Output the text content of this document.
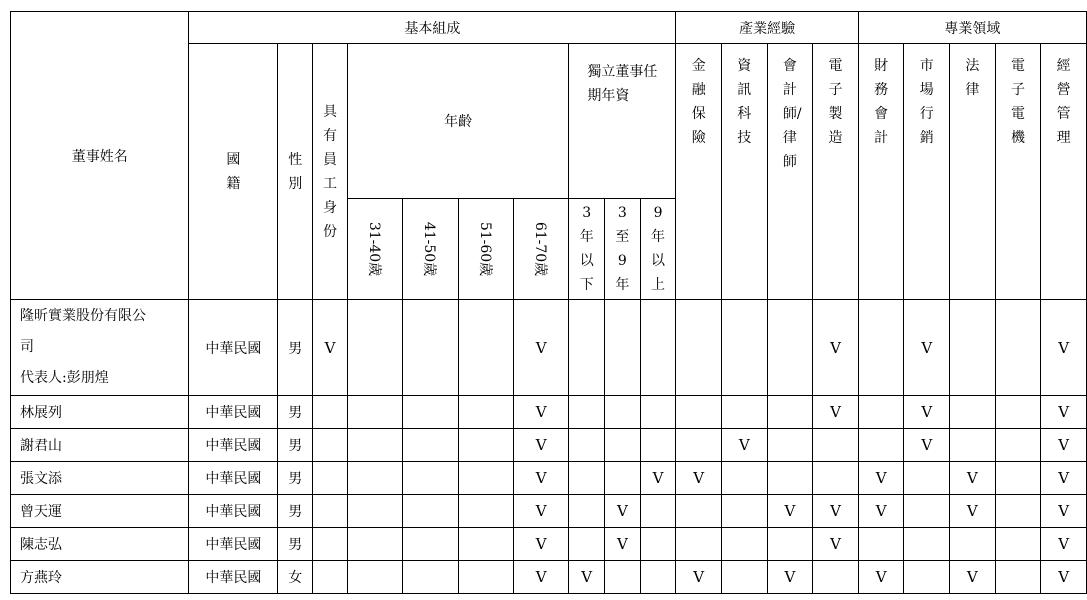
董事姓名	基本組成										產業經驗				專業領域				
	國籍	性別	具有員工身份	年齡				獨立董事任期年資			金融保險	資訊科技	會計師/律師	電子製造	財務會計	市場行銷	法律	電子電機	經營管理
				31-40歲	41-50歲	51-60歲	61-70歲	3年以下	3至9年	9年以上									

隆昕實業股份有限公
司
代表人:彭朋煌	中華民國	男	V				V							V		V			V

林展列	中華民國	男					V							V		V			V

謝君山	中華民國	男					V					V				V			V

張文添	中華民國	男					V			V	V				V		V		V

曾天運	中華民國	男					V		V				V	V	V		V		V

陳志弘	中華民國	男					V		V					V					V

方燕玲	中華民國	女					V	V			V		V		V		V		V
